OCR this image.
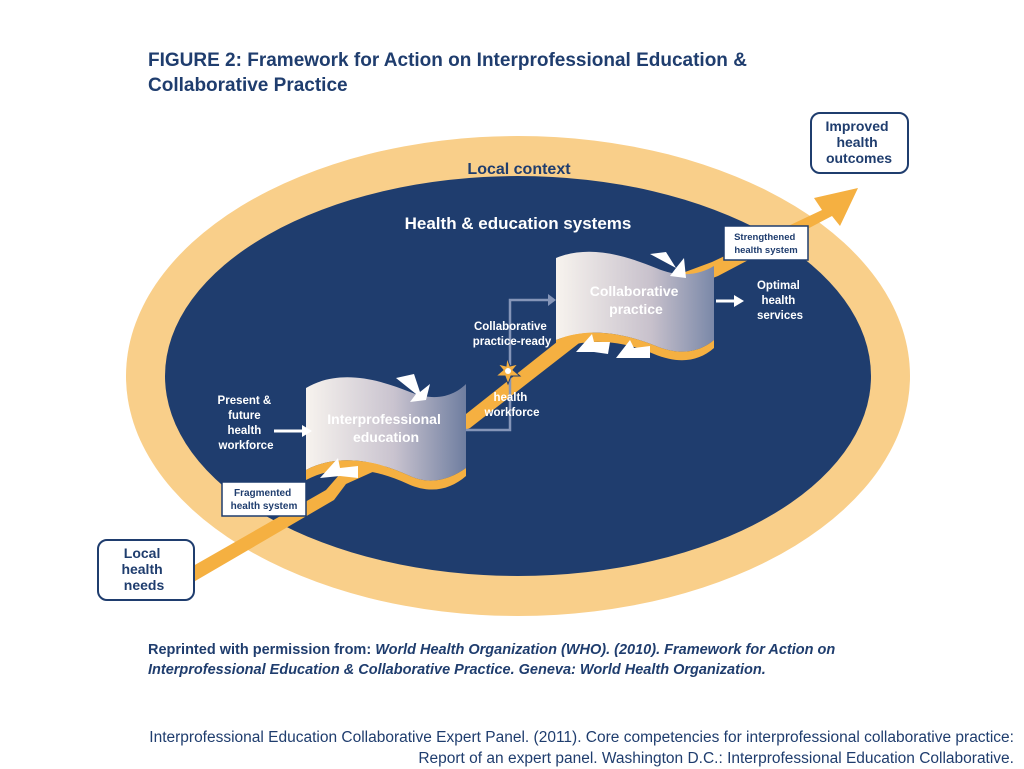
FIGURE 2: Framework for Action on Interprofessional Education &
Collaborative Practice
Local context
Health & education systems
Interprofessional education
Collaborative practice
Present & future health workforce
Collaborative practice-ready
health workforce
Optimal health services
Fragmented health system
Strengthened health system
Local health needs
Improved health outcomes
Reprinted with permission from: World Health Organization (WHO). (2010). Framework for Action on Interprofessional Education & Collaborative Practice. Geneva: World Health Organization.
Interprofessional Education Collaborative Expert Panel. (2011). Core competencies for interprofessional collaborative practice:
Report of an expert panel. Washington D.C.: Interprofessional Education Collaborative.
